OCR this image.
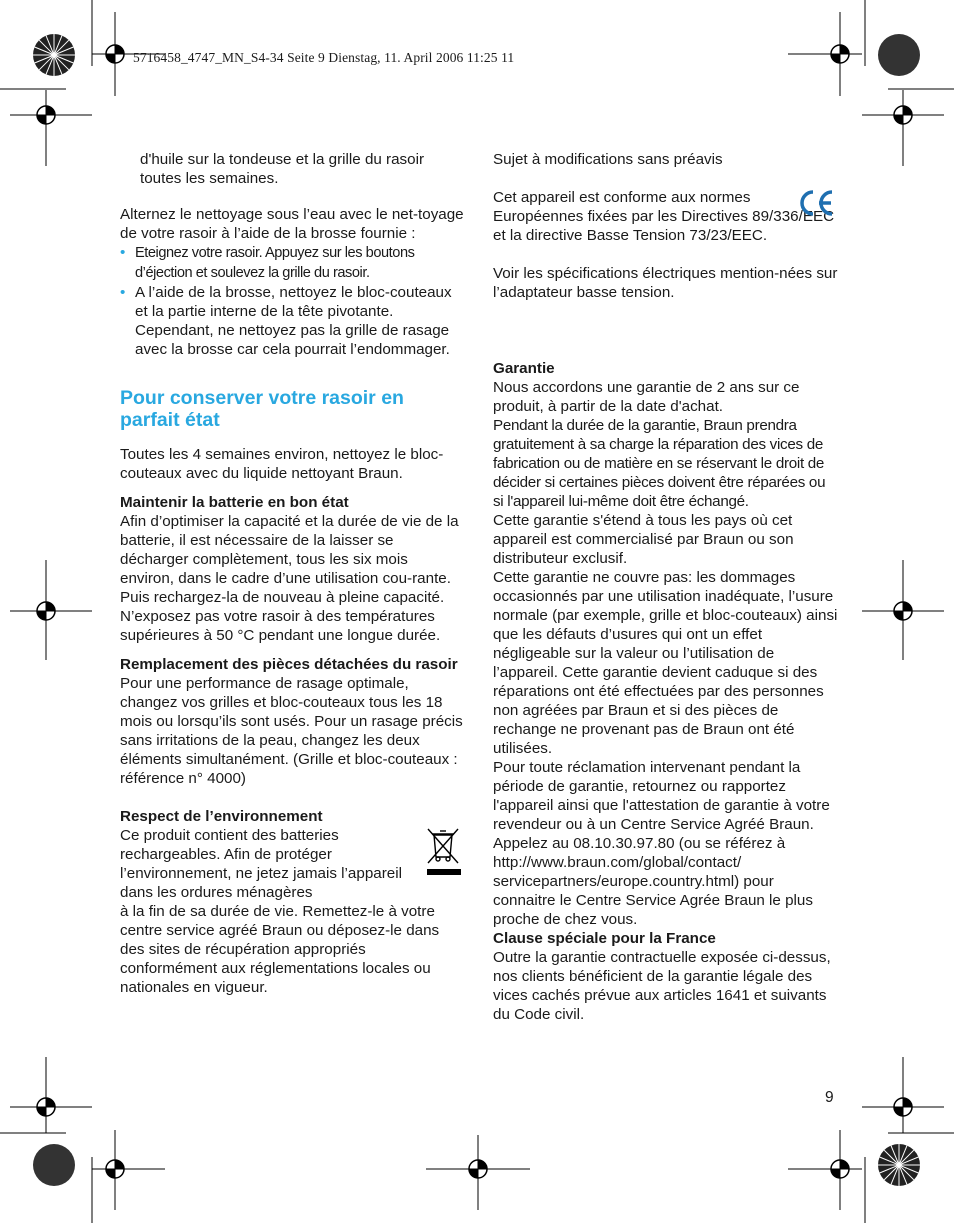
5716458_4747_MN_S4-34 Seite 9 Dienstag, 11. April 2006 11:25 11

d'huile sur la tondeuse et la grille du rasoir toutes les semaines.

Alternez le nettoyage sous l’eau avec le net-toyage de votre rasoir à l’aide de la brosse fournie :

• Eteignez votre rasoir. Appuyez sur les boutons d’éjection et soulevez la grille du rasoir.
• A l’aide de la brosse, nettoyez le bloc-couteaux et la partie interne de la tête pivotante. Cependant, ne nettoyez pas la grille de rasage avec la brosse car cela pourrait l’endommager.
Pour conserver votre rasoir en parfait état

Toutes les 4 semaines environ, nettoyez le bloc-couteaux avec du liquide nettoyant Braun.

Maintenir la batterie en bon état

Afin d’optimiser la capacité et la durée de vie de la batterie, il est nécessaire de la laisser se décharger complètement, tous les six mois environ, dans le cadre d’une utilisation cou-rante. Puis rechargez-la de nouveau à pleine capacité. N’exposez pas votre rasoir à des températures supérieures à 50 °C pendant une longue durée.

Remplacement des pièces détachées du rasoir

Pour une performance de rasage optimale, changez vos grilles et bloc-couteaux tous les 18 mois ou lorsqu’ils sont usés. Pour un rasage précis sans irritations de la peau, changez les deux éléments simultanément. (Grille et bloc-couteaux : référence n° 4000)

Respect de l’environnement

Ce produit contient des batteries rechargeables. Afin de protéger l’environnement, ne jetez jamais l’appareil dans les ordures ménagères

à la fin de sa durée de vie. Remettez-le à votre centre service agréé Braun ou déposez-le dans des sites de récupération appropriés conformément aux réglementations locales ou nationales en vigueur.

Sujet à modifications sans préavis

Cet appareil est conforme aux normes Européennes fixées par les Directives 89/336/EEC et la directive Basse Tension 73/23/EEC.

Voir les spécifications électriques mention-nées sur l’adaptateur basse tension.

Garantie

Nous accordons une garantie de 2 ans sur ce produit, à partir de la date d'achat.

Pendant la durée de la garantie, Braun prendra gratuitement à sa charge la réparation des vices de fabrication ou de matière en se réservant le droit de décider si certaines pièces doivent être réparées ou si l'appareil lui-même doit être échangé.

Cette garantie s'étend à tous les pays où cet appareil est commercialisé par Braun ou son distributeur exclusif.

Cette garantie ne couvre pas: les dommages occasionnés par une utilisation inadéquate, l’usure normale (par exemple, grille et bloc-couteaux) ainsi que les défauts d’usures qui ont un effet négligeable sur la valeur ou l’utilisation de l’appareil. Cette garantie devient caduque si des réparations ont été effectuées par des personnes non agréées par Braun et si des pièces de rechange ne provenant pas de Braun ont été utilisées.

Pour toute réclamation intervenant pendant la période de garantie, retournez ou rapportez l'appareil ainsi que l'attestation de garantie à votre revendeur ou à un Centre Service Agréé Braun.

Appelez au 08.10.30.97.80 (ou se référez à http://www.braun.com/global/contact/ servicepartners/europe.country.html) pour connaitre le Centre Service Agrée Braun le plus proche de chez vous.

Clause spéciale pour la France

Outre la garantie contractuelle exposée ci-dessus, nos clients bénéficient de la garantie légale des vices cachés prévue aux articles 1641 et suivants du Code civil.

9
